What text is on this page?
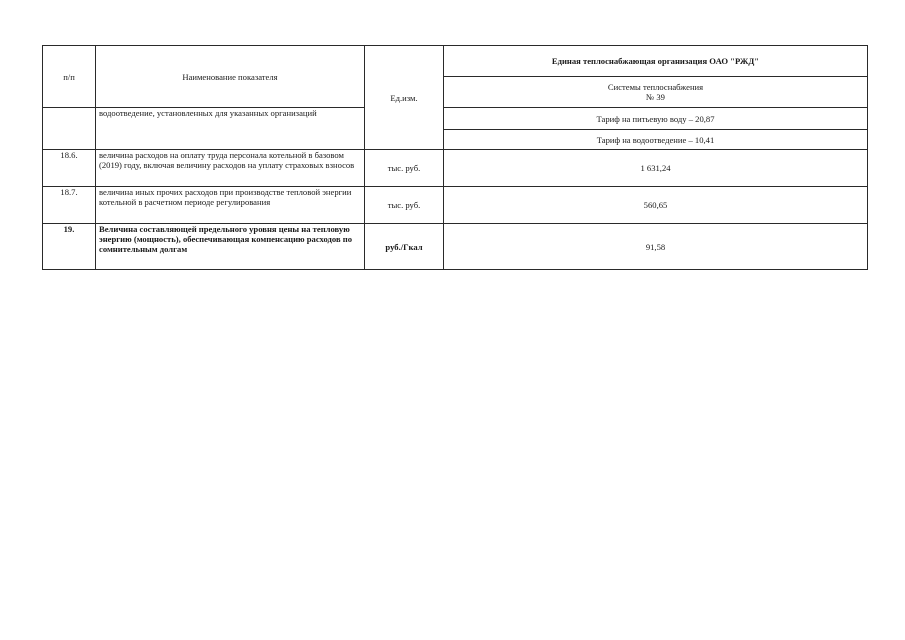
п/п	Наименование показателя	Ед.изм.	Единая теплоснабжающая организация ОАО "РЖД"

			Системы теплоснабжения
№ 39

	водоотведение, установленных для указанных организаций		Тариф на питьевую воду – 20,87
			Тариф на водоотведение – 10,41
18.6.	величина расходов на оплату труда персонала котельной в базовом (2019) году, включая величину расходов на уплату страховых взносов	тыс. руб.	1 631,24
18.7.	величина иных прочих расходов при производстве тепловой энергии котельной в расчетном периоде регулирования	тыс. руб.	560,65
19.	Величина составляющей предельного уровня цены на тепловую энергию (мощность), обеспечивающая компенсацию расходов по сомнительным долгам	руб./Гкал	91,58
